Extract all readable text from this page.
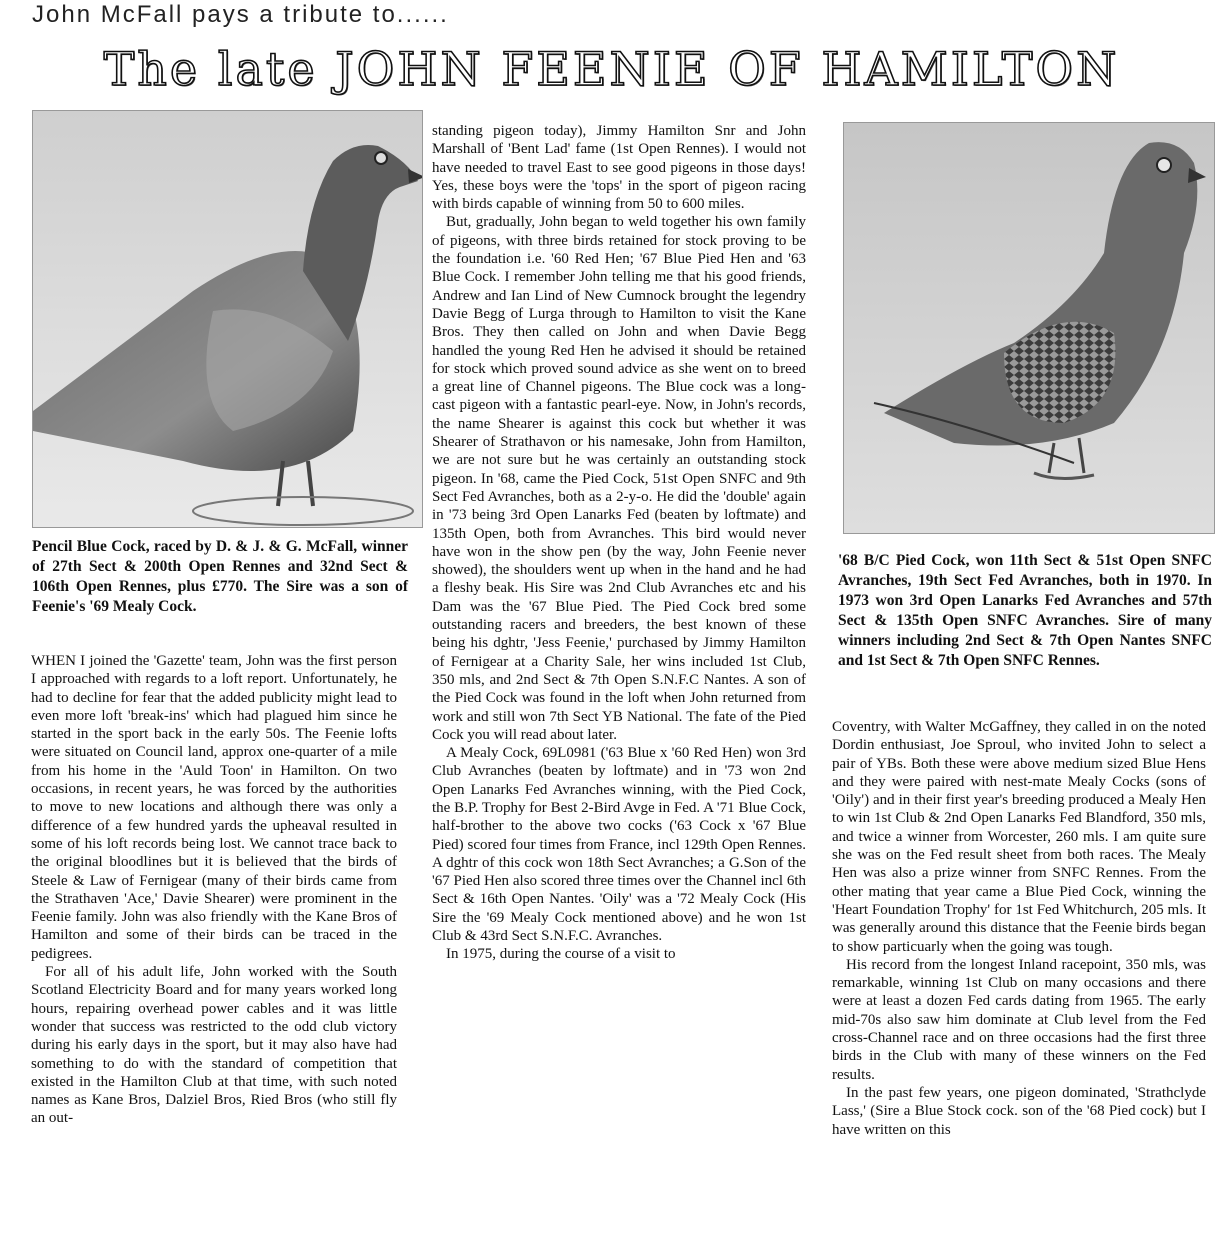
John McFall pays a tribute to......
The late JOHN FEENIE OF HAMILTON

Pencil Blue Cock, raced by D. & J. & G. McFall, winner of 27th Sect & 200th Open Rennes and 32nd Sect & 106th Open Rennes, plus £770. The Sire was a son of Feenie's '69 Mealy Cock.

'68 B/C Pied Cock, won 11th Sect & 51st Open SNFC Avranches, 19th Sect Fed Avranches, both in 1970. In 1973 won 3rd Open Lanarks Fed Avranches and 57th Sect & 135th Open SNFC Avranches. Sire of many winners including 2nd Sect & 7th Open Nantes SNFC and 1st Sect & 7th Open SNFC Rennes.

WHEN I joined the 'Gazette' team, John was the first person I approached with regards to a loft report. Unfortunately, he had to decline for fear that the added publicity might lead to even more loft 'break-ins' which had plagued him since he started in the sport back in the early 50s. The Feenie lofts were situated on Council land, approx one-quarter of a mile from his home in the 'Auld Toon' in Hamilton. On two occasions, in recent years, he was forced by the authorities to move to new locations and although there was only a difference of a few hundred yards the upheaval resulted in some of his loft records being lost. We cannot trace back to the original bloodlines but it is believed that the birds of Steele & Law of Fernigear (many of their birds came from the Strathaven 'Ace,' Davie Shearer) were prominent in the Feenie family. John was also friendly with the Kane Bros of Hamilton and some of their birds can be traced in the pedigrees.

For all of his adult life, John worked with the South Scotland Electricity Board and for many years worked long hours, repairing overhead power cables and it was little wonder that success was restricted to the odd club victory during his early days in the sport, but it may also have had something to do with the standard of competition that existed in the Hamilton Club at that time, with such noted names as Kane Bros, Dalziel Bros, Ried Bros (who still fly an out-

standing pigeon today), Jimmy Hamilton Snr and John Marshall of 'Bent Lad' fame (1st Open Rennes). I would not have needed to travel East to see good pigeons in those days! Yes, these boys were the 'tops' in the sport of pigeon racing with birds capable of winning from 50 to 600 miles.

But, gradually, John began to weld together his own family of pigeons, with three birds retained for stock proving to be the foundation i.e. '60 Red Hen; '67 Blue Pied Hen and '63 Blue Cock. I remember John telling me that his good friends, Andrew and Ian Lind of New Cumnock brought the legendry Davie Begg of Lurga through to Hamilton to visit the Kane Bros. They then called on John and when Davie Begg handled the young Red Hen he advised it should be retained for stock which proved sound advice as she went on to breed a great line of Channel pigeons. The Blue cock was a long-cast pigeon with a fantastic pearl-eye. Now, in John's records, the name Shearer is against this cock but whether it was Shearer of Strathavon or his namesake, John from Hamilton, we are not sure but he was certainly an outstanding stock pigeon. In '68, came the Pied Cock, 51st Open SNFC and 9th Sect Fed Avranches, both as a 2-y-o. He did the 'double' again in '73 being 3rd Open Lanarks Fed (beaten by loftmate) and 135th Open, both from Avranches. This bird would never have won in the show pen (by the way, John Feenie never showed), the shoulders went up when in the hand and he had a fleshy beak. His Sire was 2nd Club Avranches etc and his Dam was the '67 Blue Pied. The Pied Cock bred some outstanding racers and breeders, the best known of these being his dghtr, 'Jess Feenie,' purchased by Jimmy Hamilton of Fernigear at a Charity Sale, her wins included 1st Club, 350 mls, and 2nd Sect & 7th Open S.N.F.C Nantes. A son of the Pied Cock was found in the loft when John returned from work and still won 7th Sect YB National. The fate of the Pied Cock you will read about later.

A Mealy Cock, 69L0981 ('63 Blue x '60 Red Hen) won 3rd Club Avranches (beaten by loftmate) and in '73 won 2nd Open Lanarks Fed Avranches winning, with the Pied Cock, the B.P. Trophy for Best 2-Bird Avge in Fed. A '71 Blue Cock, half-brother to the above two cocks ('63 Cock x '67 Blue Pied) scored four times from France, incl 129th Open Rennes. A dghtr of this cock won 18th Sect Avranches; a G.Son of the '67 Pied Hen also scored three times over the Channel incl 6th Sect & 16th Open Nantes. 'Oily' was a '72 Mealy Cock (His Sire the '69 Mealy Cock mentioned above) and he won 1st Club & 43rd Sect S.N.F.C. Avranches.

In 1975, during the course of a visit to

Coventry, with Walter McGaffney, they called in on the noted Dordin enthusiast, Joe Sproul, who invited John to select a pair of YBs. Both these were above medium sized Blue Hens and they were paired with nest-mate Mealy Cocks (sons of 'Oily') and in their first year's breeding produced a Mealy Hen to win 1st Club & 2nd Open Lanarks Fed Blandford, 350 mls, and twice a winner from Worcester, 260 mls. I am quite sure she was on the Fed result sheet from both races. The Mealy Hen was also a prize winner from SNFC Rennes. From the other mating that year came a Blue Pied Cock, winning the 'Heart Foundation Trophy' for 1st Fed Whitchurch, 205 mls. It was generally around this distance that the Feenie birds began to show particuarly when the going was tough.

His record from the longest Inland racepoint, 350 mls, was remarkable, winning 1st Club on many occasions and there were at least a dozen Fed cards dating from 1965. The early mid-70s also saw him dominate at Club level from the Fed cross-Channel race and on three occasions had the first three birds in the Club with many of these winners on the Fed results.

In the past few years, one pigeon dominated, 'Strathclyde Lass,' (Sire a Blue Stock cock. son of the '68 Pied cock) but I have written on this
